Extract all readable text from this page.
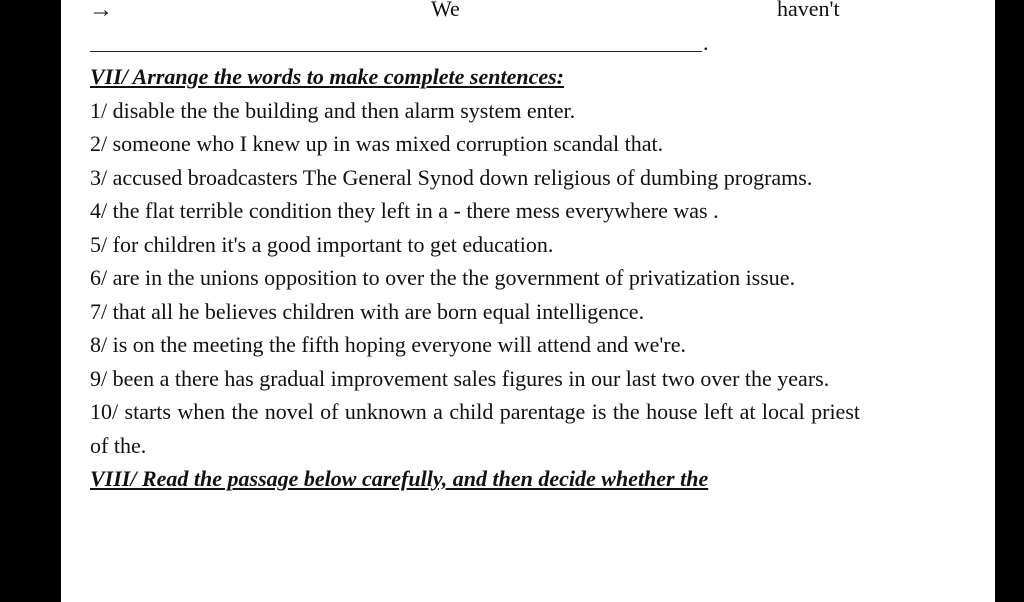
→	We	haven't
.
VII/ Arrange the words to make complete sentences:
1/ disable the the building and then alarm system enter.
2/ someone who I knew up in was mixed corruption scandal that.
3/ accused broadcasters The General Synod down religious of dumbing programs.
4/ the flat terrible condition they left in a - there mess everywhere was .
5/ for children it's a good important to get education.
6/ are in the unions opposition to over the the government of privatization issue.
7/ that all he believes children with are born equal intelligence.
8/ is on the meeting the fifth hoping everyone will attend and we're.
9/ been a there has gradual improvement sales figures in our last two over the years.
10/ starts when the novel of unknown a child parentage is the house left at local priest of the.
VIII/ Read the passage below carefully, and then decide whether the
